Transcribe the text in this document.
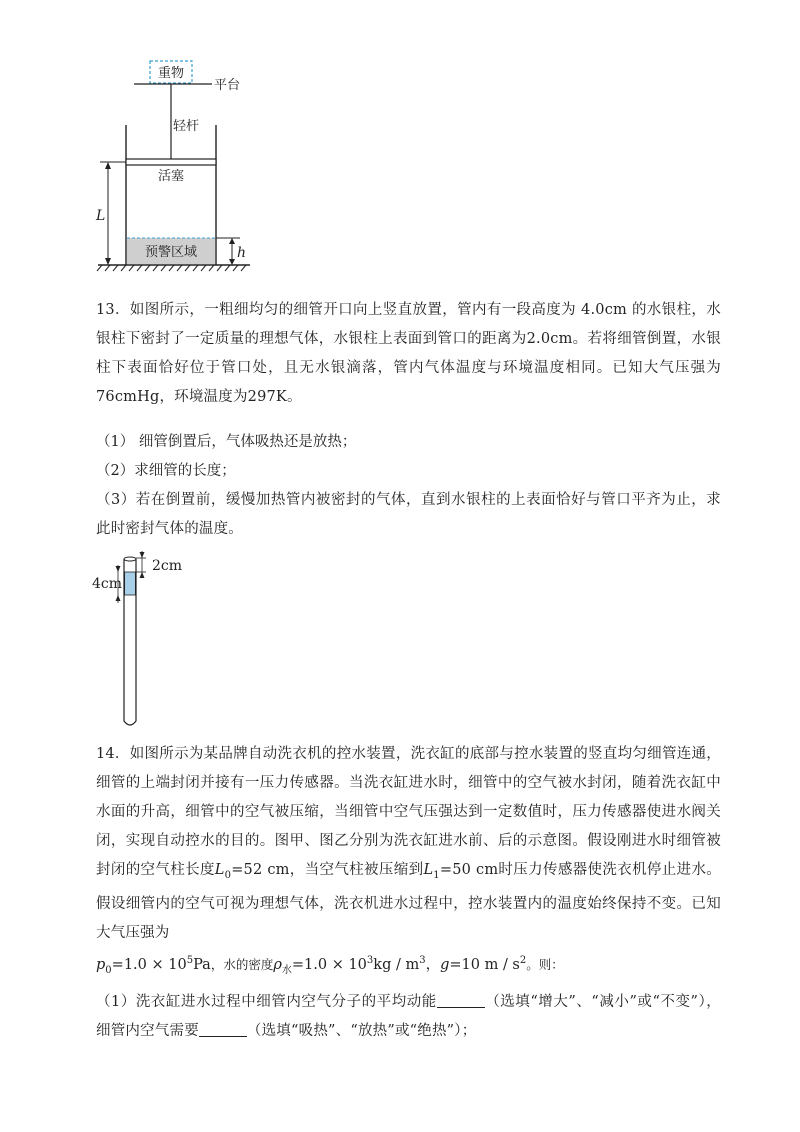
重物
平台
轻杆
活塞
预警区域
L
h
13．如图所示，一粗细均匀的细管开口向上竖直放置，管内有一段高度为 4.0cm 的水银柱，水银柱下密封了一定质量的理想气体，水银柱上表面到管口的距离为2.0cm。若将细管倒置，水银柱下表面恰好位于管口处，且无水银滴落，管内气体温度与环境温度相同。已知大气压强为76cmHg，环境温度为297K。
（1） 细管倒置后，气体吸热还是放热；
（2）求细管的长度；
（3）若在倒置前，缓慢加热管内被密封的气体，直到水银柱的上表面恰好与管口平齐为止，求此时密封气体的温度。
2cm
4cm
14．如图所示为某品牌自动洗衣机的控水装置，洗衣缸的底部与控水装置的竖直均匀细管连通，细管的上端封闭并接有一压力传感器。当洗衣缸进水时，细管中的空气被水封闭，随着洗衣缸中水面的升高，细管中的空气被压缩，当细管中空气压强达到一定数值时，压力传感器使进水阀关闭，实现自动控水的目的。图甲、图乙分别为洗衣缸进水前、后的示意图。假设刚进水时细管被封闭的空气柱长度$L_0=52$ cm，当空气柱被压缩到$L_1=50$ cm时压力传感器使洗衣机停止进水。假设细管内的空气可视为理想气体，洗衣机进水过程中，控水装置内的温度始终保持不变。已知大气压强为
$p_0=1.0 \times 10^5Pa$，水的密度$\rho_水=1.0 \times 10^3kg / m^3$，g=10 m / $s^2$。则：
（1）洗衣缸进水过程中细管内空气分子的平均动能	（选填“增大”、“减小”或“不变”），细管内空气需要	（选填“吸热”、“放热”或“绝热”）；
